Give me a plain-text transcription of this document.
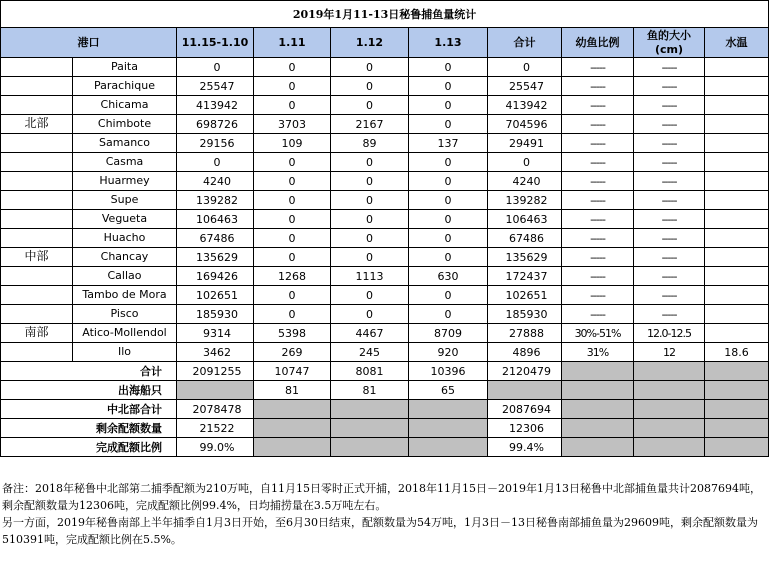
2019年1月11-13日秘鲁捕鱼量统计								
港口	11.15-1.10	1.11	1.12	1.13	合计	幼鱼比例	鱼的大小(cm)	水温

Paita	0	0	0	0	0	-----	-----	

Parachique	25547	0	0	0	25547	-----	-----	

Chicama	413942	0	0	0	413942	-----	-----	

北部 Chimbote	698726	3703	2167	0	704596	-----	-----	

Samanco	29156	109	89	137	29491	-----	-----	

Casma	0	0	0	0	0	-----	-----	

Huarmey	4240	0	0	0	4240	-----	-----	

Supe	139282	0	0	0	139282	-----	-----	

Vegueta	106463	0	0	0	106463	-----	-----	

Huacho	67486	0	0	0	67486	-----	-----	

中部 Chancay	135629	0	0	0	135629	-----	-----	

Callao	169426	1268	1113	630	172437	-----	-----	

Tambo de Mora	102651	0	0	0	102651	-----	-----	

Pisco	185930	0	0	0	185930	-----	-----	

南部 Atico-Mollendol	9314	5398	4467	8709	27888	30%-51%	12.0-12.5	

Ilo	3462	269	245	920	4896	31%	12	18.6
合计	2091255	10747	8081	10396	2120479			
出海船只		81	81	65				
中北部合计	2078478				2087694			
剩余配额数量	21522				12306			
完成配额比例	99.0%				99.4%			

备注：2018年秘鲁中北部第二捕季配额为210万吨，自11月15日零时正式开捕，2018年11月15日－2019年1月13日秘鲁中北部捕鱼量共计2087694吨，剩余配额数量为12306吨，完成配额比例99.4%，日均捕捞量在3.5万吨左右。

另一方面，2019年秘鲁南部上半年捕季自1月3日开始，至6月30日结束，配额数量为54万吨，1月3日－13日秘鲁南部捕鱼量为29609吨，剩余配额数量为510391吨，完成配额比例在5.5%。
